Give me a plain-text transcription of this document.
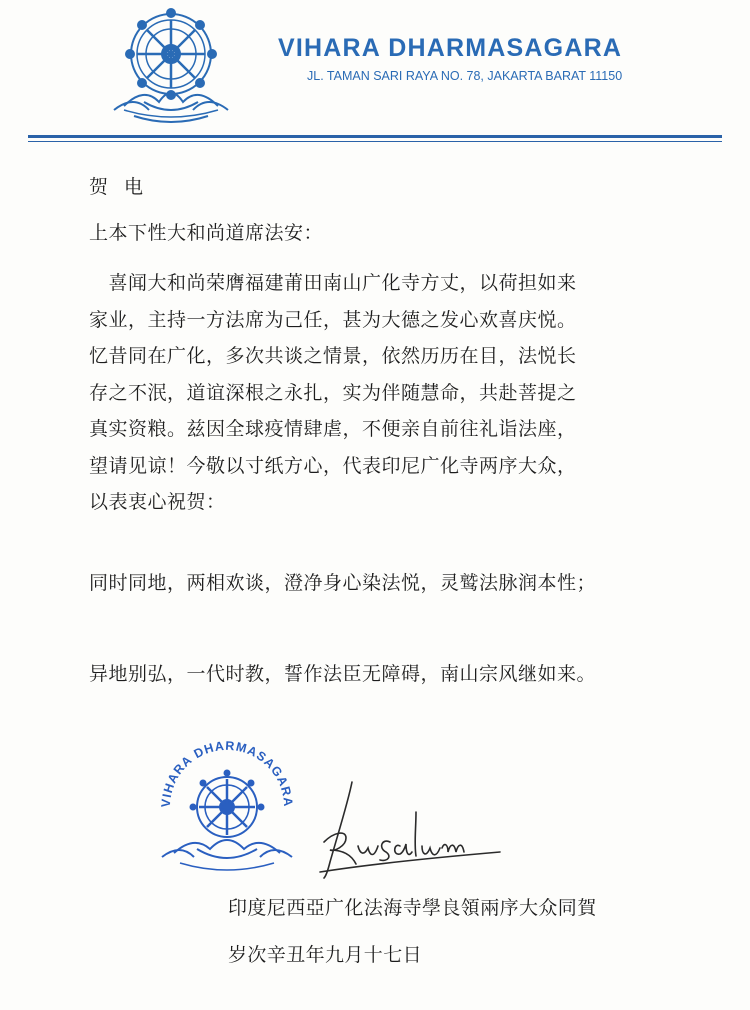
VIHARA DHARMASAGARA
JL. TAMAN SARI RAYA NO. 78, JAKARTA BARAT 11150
贺电
上本下性大和尚道席法安：
　喜闻大和尚荣膺福建莆田南山广化寺方丈，以荷担如来
家业，主持一方法席为己任，甚为大德之发心欢喜庆悦。
忆昔同在广化，多次共谈之情景，依然历历在目，法悦长
存之不泯，道谊深根之永扎，实为伴随慧命，共赴菩提之
真实资粮。兹因全球疫情肆虐，不便亲自前往礼诣法座，
望请见谅！今敬以寸纸方心，代表印尼广化寺两序大众，
以表衷心祝贺：
同时同地，两相欢谈，澄净身心染法悦，灵鹫法脉润本性；
异地别弘，一代时教，誓作法臣无障碍，南山宗风继如来。
VIHARA DHARMASAGARA
印度尼西亞广化法海寺學良領兩序大众同賀
岁次辛丑年九月十七日
